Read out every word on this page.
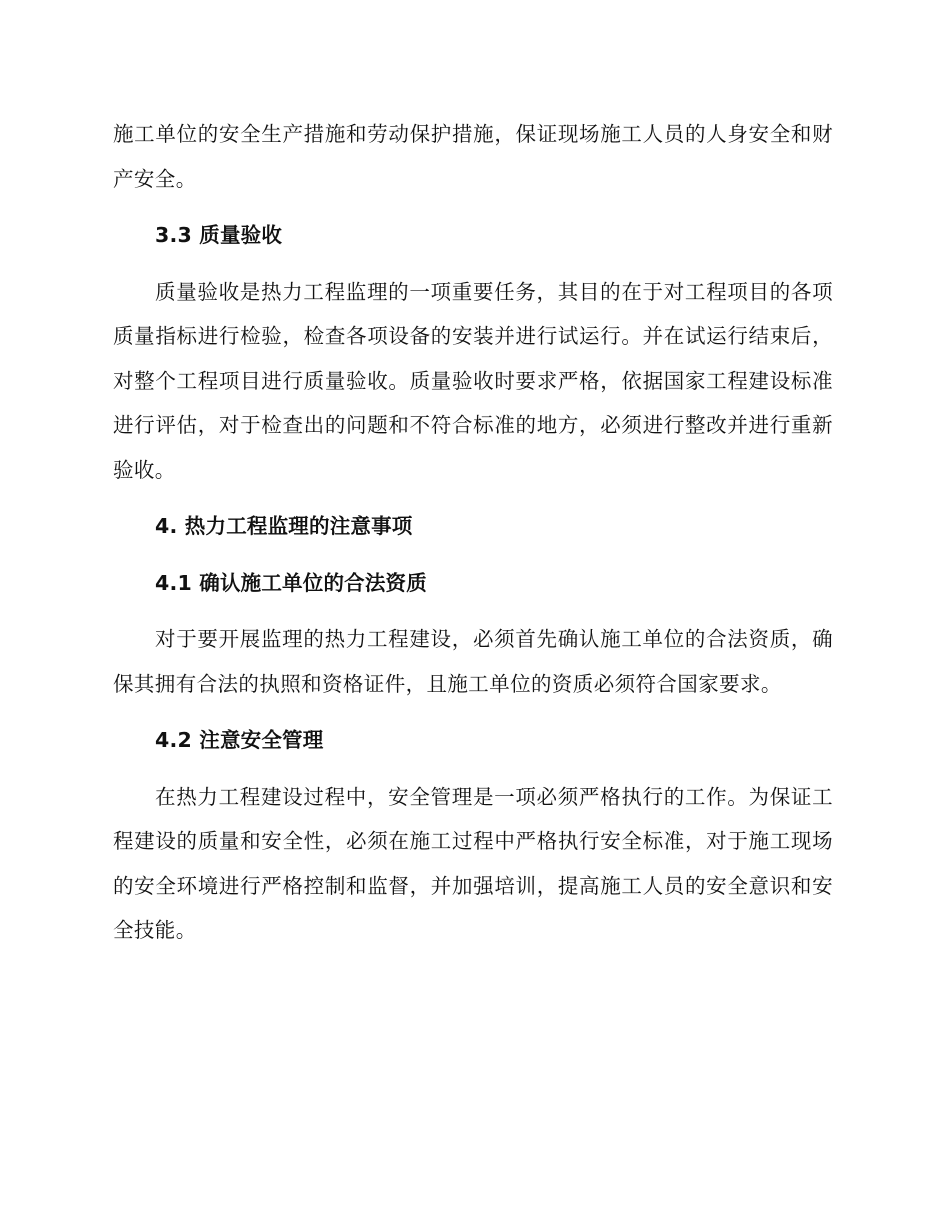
施工单位的安全生产措施和劳动保护措施，保证现场施工人员的人身安全和财产安全。

3.3 质量验收

质量验收是热力工程监理的一项重要任务，其目的在于对工程项目的各项质量指标进行检验，检查各项设备的安装并进行试运行。并在试运行结束后，对整个工程项目进行质量验收。质量验收时要求严格，依据国家工程建设标准进行评估，对于检查出的问题和不符合标准的地方，必须进行整改并进行重新验收。

4. 热力工程监理的注意事项
4.1 确认施工单位的合法资质

对于要开展监理的热力工程建设，必须首先确认施工单位的合法资质，确保其拥有合法的执照和资格证件，且施工单位的资质必须符合国家要求。

4.2 注意安全管理

在热力工程建设过程中，安全管理是一项必须严格执行的工作。为保证工程建设的质量和安全性，必须在施工过程中严格执行安全标准，对于施工现场的安全环境进行严格控制和监督，并加强培训，提高施工人员的安全意识和安全技能。
